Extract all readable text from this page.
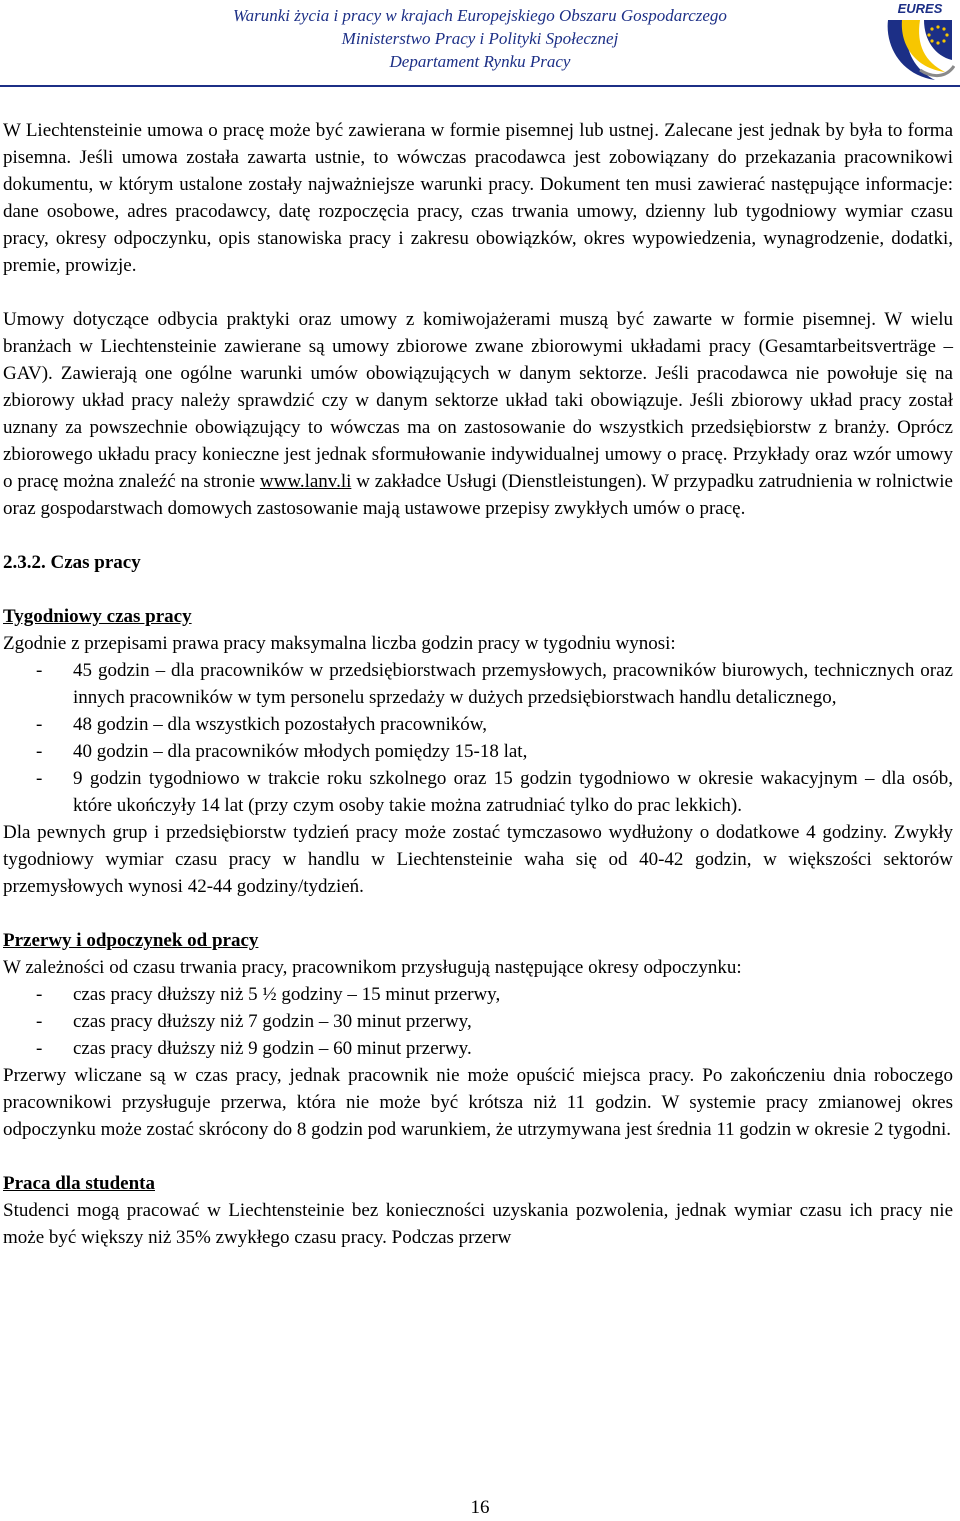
Warunki życia i pracy w krajach Europejskiego Obszaru Gospodarczego
Ministerstwo Pracy i Polityki Społecznej
Departament Rynku Pracy
EURES

W Liechtensteinie umowa o pracę może być zawierana w formie pisemnej lub ustnej. Zalecane jest jednak by była to forma pisemna. Jeśli umowa została zawarta ustnie, to wówczas pracodawca jest zobowiązany do przekazania pracownikowi dokumentu, w którym ustalone zostały najważniejsze warunki pracy. Dokument ten musi zawierać następujące informacje: dane osobowe, adres pracodawcy, datę rozpoczęcia pracy, czas trwania umowy, dzienny lub tygodniowy wymiar czasu pracy, okresy odpoczynku, opis stanowiska pracy i zakresu obowiązków, okres wypowiedzenia, wynagrodzenie, dodatki, premie, prowizje.

Umowy dotyczące odbycia praktyki oraz umowy z komiwojażerami muszą być zawarte w formie pisemnej. W wielu branżach w Liechtensteinie zawierane są umowy zbiorowe zwane zbiorowymi układami pracy (Gesamtarbeitsverträge – GAV). Zawierają one ogólne warunki umów obowiązujących w danym sektorze. Jeśli pracodawca nie powołuje się na zbiorowy układ pracy należy sprawdzić czy w danym sektorze układ taki obowiązuje. Jeśli zbiorowy układ pracy został uznany za powszechnie obowiązujący to wówczas ma on zastosowanie do wszystkich przedsiębiorstw z branży. Oprócz zbiorowego układu pracy konieczne jest jednak sformułowanie indywidualnej umowy o pracę. Przykłady oraz wzór umowy o pracę można znaleźć na stronie www.lanv.li w zakładce Usługi (Dienstleistungen). W przypadku zatrudnienia w rolnictwie oraz gospodarstwach domowych zastosowanie mają ustawowe przepisy zwykłych umów o pracę.

2.3.2. Czas pracy

Tygodniowy czas pracy

Zgodnie z przepisami prawa pracy maksymalna liczba godzin pracy w tygodniu wynosi:

- 45 godzin – dla pracowników w przedsiębiorstwach przemysłowych, pracowników biurowych, technicznych oraz innych pracowników w tym personelu sprzedaży w dużych przedsiębiorstwach handlu detalicznego,
- 48 godzin – dla wszystkich pozostałych pracowników,
- 40 godzin – dla pracowników młodych pomiędzy 15-18 lat,
- 9 godzin tygodniowo w trakcie roku szkolnego oraz 15 godzin tygodniowo w okresie wakacyjnym – dla osób, które ukończyły 14 lat (przy czym osoby takie można zatrudniać tylko do prac lekkich).

Dla pewnych grup i przedsiębiorstw tydzień pracy może zostać tymczasowo wydłużony o dodatkowe 4 godziny. Zwykły tygodniowy wymiar czasu pracy w handlu w Liechtensteinie waha się od 40-42 godzin, w większości sektorów przemysłowych wynosi 42-44 godziny/tydzień.

Przerwy i odpoczynek od pracy

W zależności od czasu trwania pracy, pracownikom przysługują następujące okresy odpoczynku:

- czas pracy dłuższy niż 5 ½ godziny – 15 minut przerwy,
- czas pracy dłuższy niż 7 godzin – 30 minut przerwy,
- czas pracy dłuższy niż 9 godzin – 60 minut przerwy.

Przerwy wliczane są w czas pracy, jednak pracownik nie może opuścić miejsca pracy. Po zakończeniu dnia roboczego pracownikowi przysługuje przerwa, która nie może być krótsza niż 11 godzin. W systemie pracy zmianowej okres odpoczynku może zostać skrócony do 8 godzin pod warunkiem, że utrzymywana jest średnia 11 godzin w okresie 2 tygodni.

Praca dla studenta

Studenci mogą pracować w Liechtensteinie bez konieczności uzyskania pozwolenia, jednak wymiar czasu ich pracy nie może być większy niż 35% zwykłego czasu pracy. Podczas przerw

16
